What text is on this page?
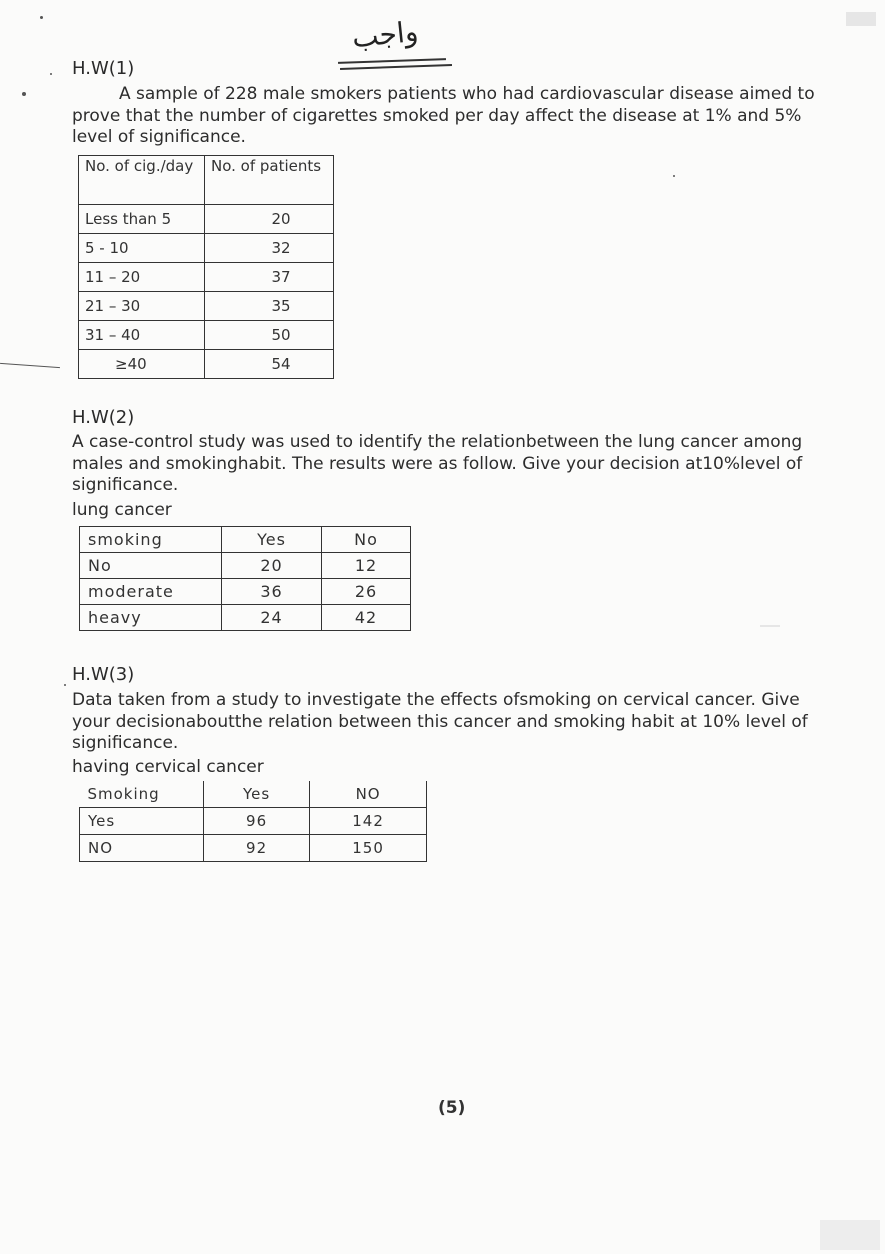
واجب
H.W(1)

A sample of 228 male smokers patients who had cardiovascular disease aimed to prove that the number of cigarettes smoked per day affect the disease at 1% and 5% level of significance.

No. of cig./day	No. of patients
Less than 5	20
5 - 10	32
11 – 20	37
21 – 30	35
31 – 40	50
≥40	54
H.W(2)

A case-control study was used to identify the relationbetween the lung cancer among males and smokinghabit. The results were as follow. Give your decision at10%level of significance.

lung cancer
smoking	Yes	No
No	20	12
moderate	36	26
heavy	24	42
H.W(3)

Data taken from a study to investigate the effects ofsmoking on cervical cancer. Give your decisionaboutthe relation between this cancer and smoking habit at 10% level of significance.

having cervical cancer
Smoking	Yes	NO
Yes	96	142
NO	92	150
(5)
